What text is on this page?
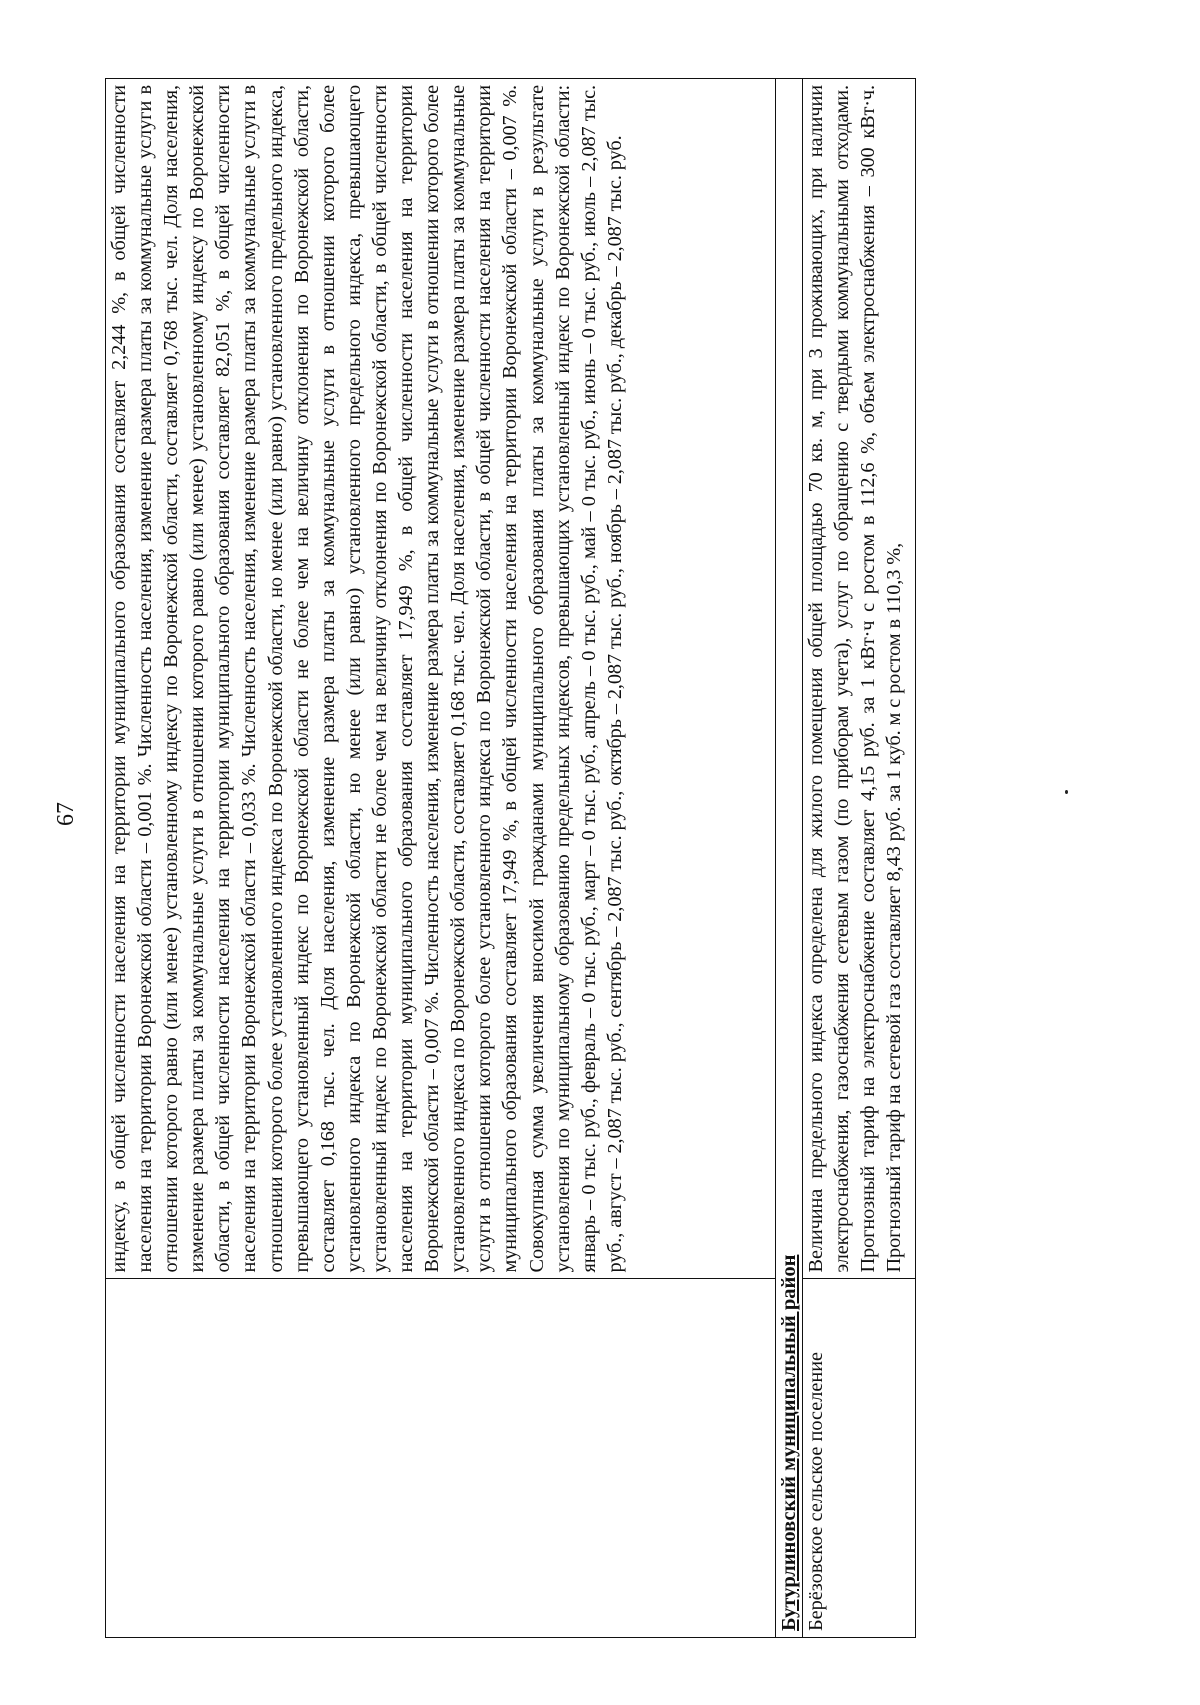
67

	индексу, в общей численности населения на территории муниципального образования составляет 2,244 %, в общей численности населения на территории Воронежской области – 0,001 %. Численность населения, изменение размера платы за коммунальные услуги в отношении которого равно (или менее) установленному индексу по Воронежской области, составляет 0,768 тыс. чел. Доля населения, изменение размера платы за коммунальные услуги в отношении которого равно (или менее) установленному индексу по Воронежской области, в общей численности населения на территории муниципального образования составляет 82,051 %, в общей численности населения на территории Воронежской области – 0,033 %. Численность населения, изменение размера платы за коммунальные услуги в отношении которого более установленного индекса по Воронежской области, но менее (или равно) установленного предельного индекса, превышающего установленный индекс по Воронежской области не более чем на величину отклонения по Воронежской области, составляет 0,168 тыс. чел. Доля населения, изменение размера платы за коммунальные услуги в отношении которого более установленного индекса по Воронежской области, но менее (или равно) установленного предельного индекса, превышающего установленный индекс по Воронежской области не более чем на величину отклонения по Воронежской области, в общей численности населения на территории муниципального образования составляет 17,949 %, в общей численности населения на территории Воронежской области – 0,007 %. Численность населения, изменение размера платы за коммунальные услуги в отношении которого более установленного индекса по Воронежской области, составляет 0,168 тыс. чел. Доля населения, изменение размера платы за коммунальные услуги в отношении которого более установленного индекса по Воронежской области, в общей численности населения на территории муниципального образования составляет 17,949 %, в общей численности населения на территории Воронежской области – 0,007 %. Совокупная сумма увеличения вносимой гражданами муниципального образования платы за коммунальные услуги в результате установления по муниципальному образованию предельных индексов, превышающих установленный индекс по Воронежской области: январь – 0 тыс. руб., февраль – 0 тыс. руб., март – 0 тыс. руб., апрель – 0 тыс. руб., май – 0 тыс. руб., июнь – 0 тыс. руб., июль – 2,087 тыс. руб., август – 2,087 тыс. руб., сентябрь – 2,087 тыс. руб., октябрь – 2,087 тыс. руб., ноябрь – 2,087 тыс. руб., декабрь – 2,087 тыс. руб.

Бутурлиновский муниципальный район	
Берёзовское сельское поселение	Величина предельного индекса определена для жилого помещения общей площадью 70 кв. м, при 3 проживающих, при наличии электроснабжения, газоснабжения сетевым газом (по приборам учета), услуг по обращению с твердыми коммунальными отходами. Прогнозный тариф на электроснабжение составляет 4,15 руб. за 1 кВт·ч с ростом в 112,6 %, объем электроснабжения – 300 кВт·ч. Прогнозный тариф на сетевой газ составляет 8,43 руб. за 1 куб. м с ростом в 110,3 %,
